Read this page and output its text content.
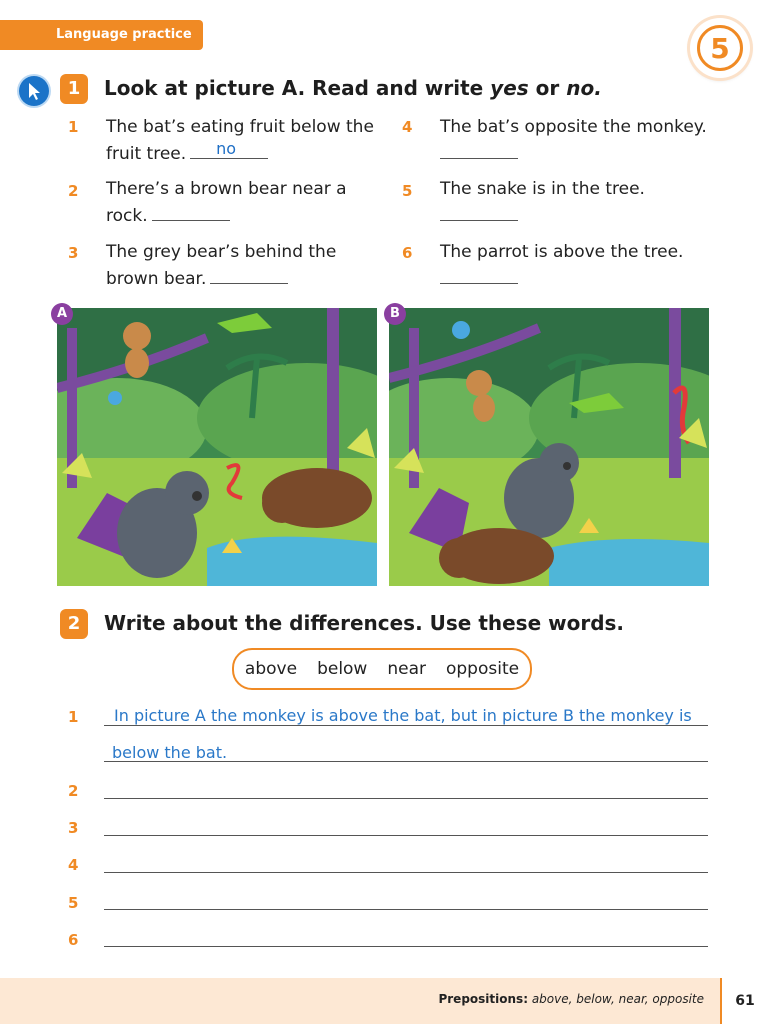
Language practice 2	5
1	Look at picture A. Read and write yes or no.
1 The bat’s eating fruit below the
fruit tree. no
2 There’s a brown bear near a
rock.
3 The grey bear’s behind the
brown bear.
4 The bat’s opposite the monkey.
5 The snake is in the tree.
6 The parrot is above the tree.
A	B
2	Write about the differences. Use these words.
above below near opposite
1 In picture A the monkey is above the bat, but in picture B the monkey is
below the bat.
2
3
4
5
6
Prepositions: above, below, near, opposite	61
